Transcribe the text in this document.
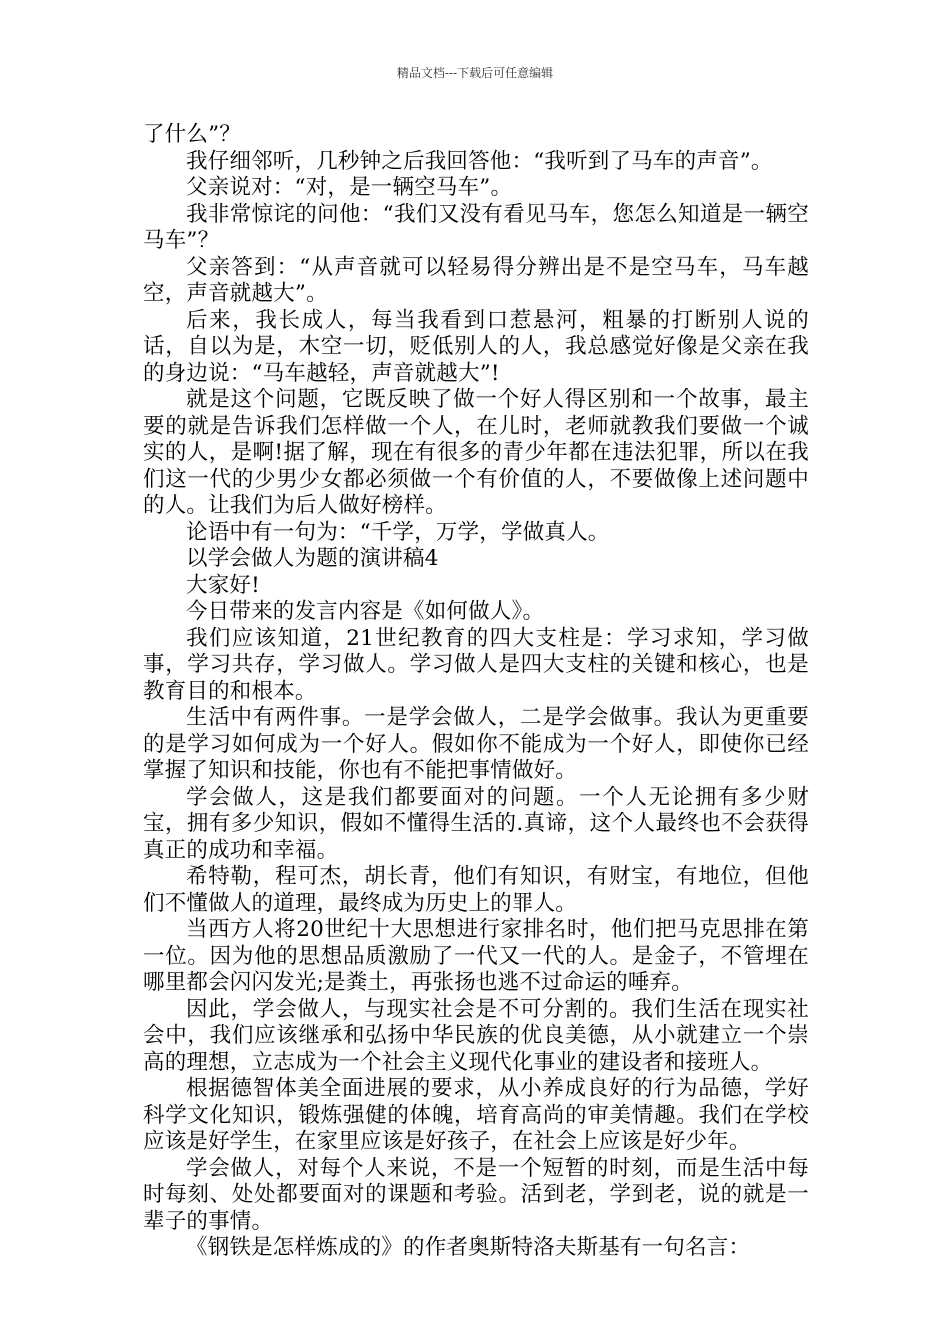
精品文档---下载后可任意编辑

了什么”？

我仔细邻听，几秒钟之后我回答他：“我听到了马车的声音”。

父亲说对：“对，是一辆空马车”。

我非常惊诧的问他：“我们又没有看见马车，您怎么知道是一辆空马车”？

父亲答到：“从声音就可以轻易得分辨出是不是空马车，马车越空，声音就越大”。

后来，我长成人，每当我看到口惹悬河，粗暴的打断别人说的话，自以为是，木空一切，贬低别人的人，我总感觉好像是父亲在我的身边说：“马车越轻，声音就越大”!

就是这个问题，它既反映了做一个好人得区别和一个故事，最主要的就是告诉我们怎样做一个人，在儿时，老师就教我们要做一个诚实的人，是啊!据了解，现在有很多的青少年都在违法犯罪，所以在我们这一代的少男少女都必须做一个有价值的人，不要做像上述问题中的人。让我们为后人做好榜样。

论语中有一句为：“千学，万学，学做真人。

以学会做人为题的演讲稿4

大家好!

今日带来的发言内容是《如何做人》。

我们应该知道，21世纪教育的四大支柱是：学习求知，学习做事，学习共存，学习做人。学习做人是四大支柱的关键和核心，也是教育目的和根本。

生活中有两件事。一是学会做人，二是学会做事。我认为更重要的是学习如何成为一个好人。假如你不能成为一个好人，即使你已经掌握了知识和技能，你也有不能把事情做好。

学会做人，这是我们都要面对的问题。一个人无论拥有多少财宝，拥有多少知识，假如不懂得生活的.真谛，这个人最终也不会获得真正的成功和幸福。

希特勒，程可杰，胡长青，他们有知识，有财宝，有地位，但他们不懂做人的道理，最终成为历史上的罪人。

当西方人将20世纪十大思想进行家排名时，他们把马克思排在第一位。因为他的思想品质激励了一代又一代的人。是金子，不管埋在哪里都会闪闪发光;是粪土，再张扬也逃不过命运的唾弃。

因此，学会做人，与现实社会是不可分割的。我们生活在现实社会中，我们应该继承和弘扬中华民族的优良美德，从小就建立一个崇高的理想，立志成为一个社会主义现代化事业的建设者和接班人。

根据德智体美全面进展的要求，从小养成良好的行为品德，学好科学文化知识，锻炼强健的体魄，培育高尚的审美情趣。我们在学校应该是好学生，在家里应该是好孩子，在社会上应该是好少年。

学会做人，对每个人来说，不是一个短暂的时刻，而是生活中每时每刻、处处都要面对的课题和考验。活到老，学到老，说的就是一辈子的事情。

《钢铁是怎样炼成的》的作者奥斯特洛夫斯基有一句名言：
